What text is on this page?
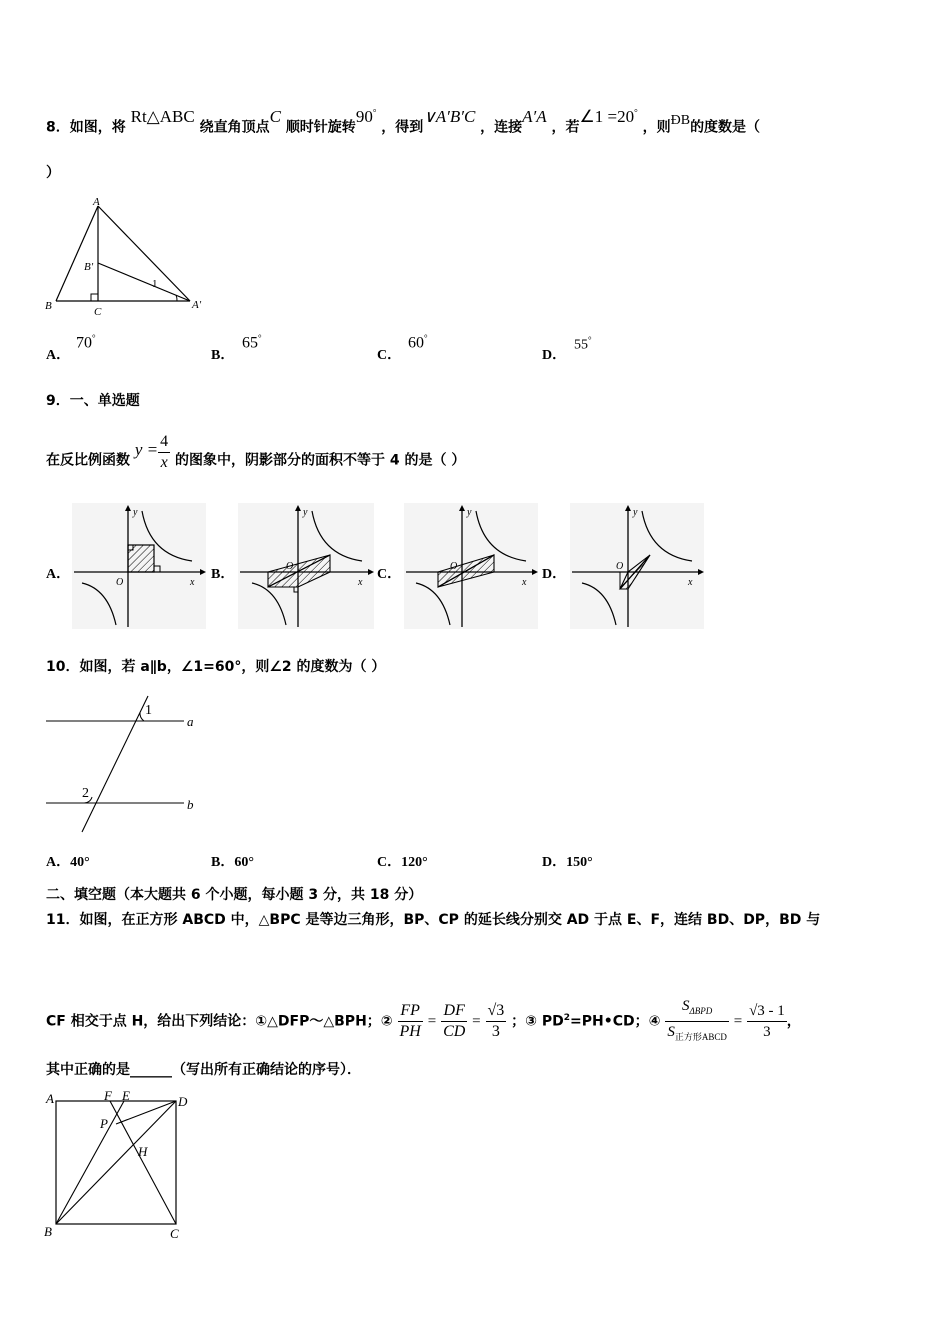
8．如图，将 Rt△ABC 绕直角顶点C 顺时针旋转90° ，得到∨A′B′C ，连接A′A ，若∠1 =20° ，则ÐB的度数是（
）
A
B	C
B′
A′
1
A．
70°
B．
65°
C．
60°
D．
55°
9．一、单选题
在反比例函数 $y = \frac{4}{x}$ 的图象中，阴影部分的面积不等于 4 的是（ ）
A．
y
x
O
B．
y
x
O
C．
y
x
O
D．
y
x
O
10．如图，若 a∥b，∠1=60°，则∠2 的度数为（ ）
1
2
a
b
A．40°	B．60°	C．120°	D．150°
二、填空题（本大题共 6 个小题，每小题 3 分，共 18 分）
11．如图，在正方形 ABCD 中，△BPC 是等边三角形，BP、CP 的延长线分别交 AD 于点 E、F，连结 BD、DP，BD 与
CF 相交于点 H，给出下列结论：①△DFP～△BPH；② $\frac{FP}{PH} = \frac{DF}{CD} = \frac{√3}{3}$ ；③ $PD^2=PH•CD$；④ $\frac{S_{\Delta BPD}}{S_{正方形ABCD}} = \frac{√3 - 1}{3}$ ，
其中正确的是______（写出所有正确结论的序号）．
A	D
B	C
F E
P
H
